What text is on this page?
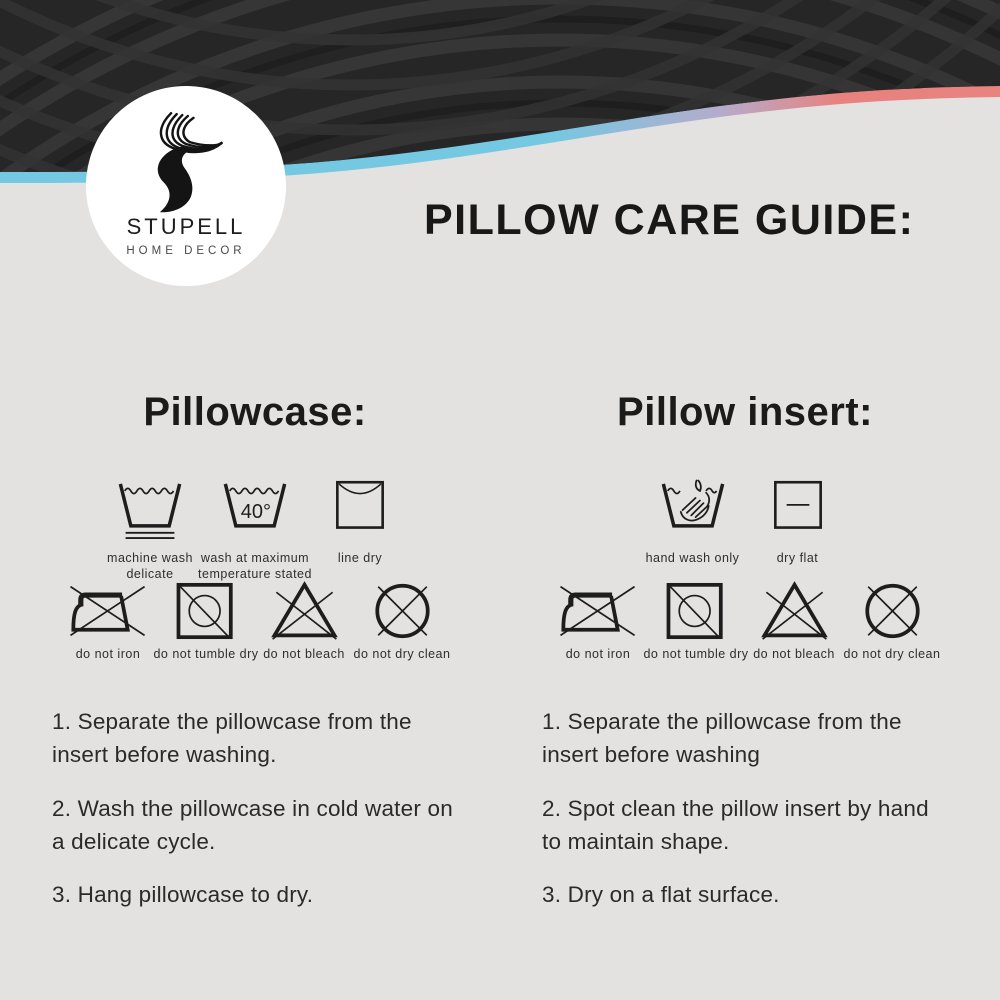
STUPELL
HOME DECOR
PILLOW CARE GUIDE:
Pillowcase:
machine wash delicate
40°
wash at maximum temperature stated
line dry
do not iron do not tumble dry do not bleach do not dry clean

1. Separate the pillowcase from the insert before washing.

2. Wash the pillowcase in cold water on a delicate cycle.

3. Hang pillowcase to dry.

Pillow insert:
hand wash only	dry flat
do not iron do not tumble dry do not bleach do not dry clean

1. Separate the pillowcase from the insert before washing

2. Spot clean the pillow insert by hand to maintain shape.

3. Dry on a flat surface.
